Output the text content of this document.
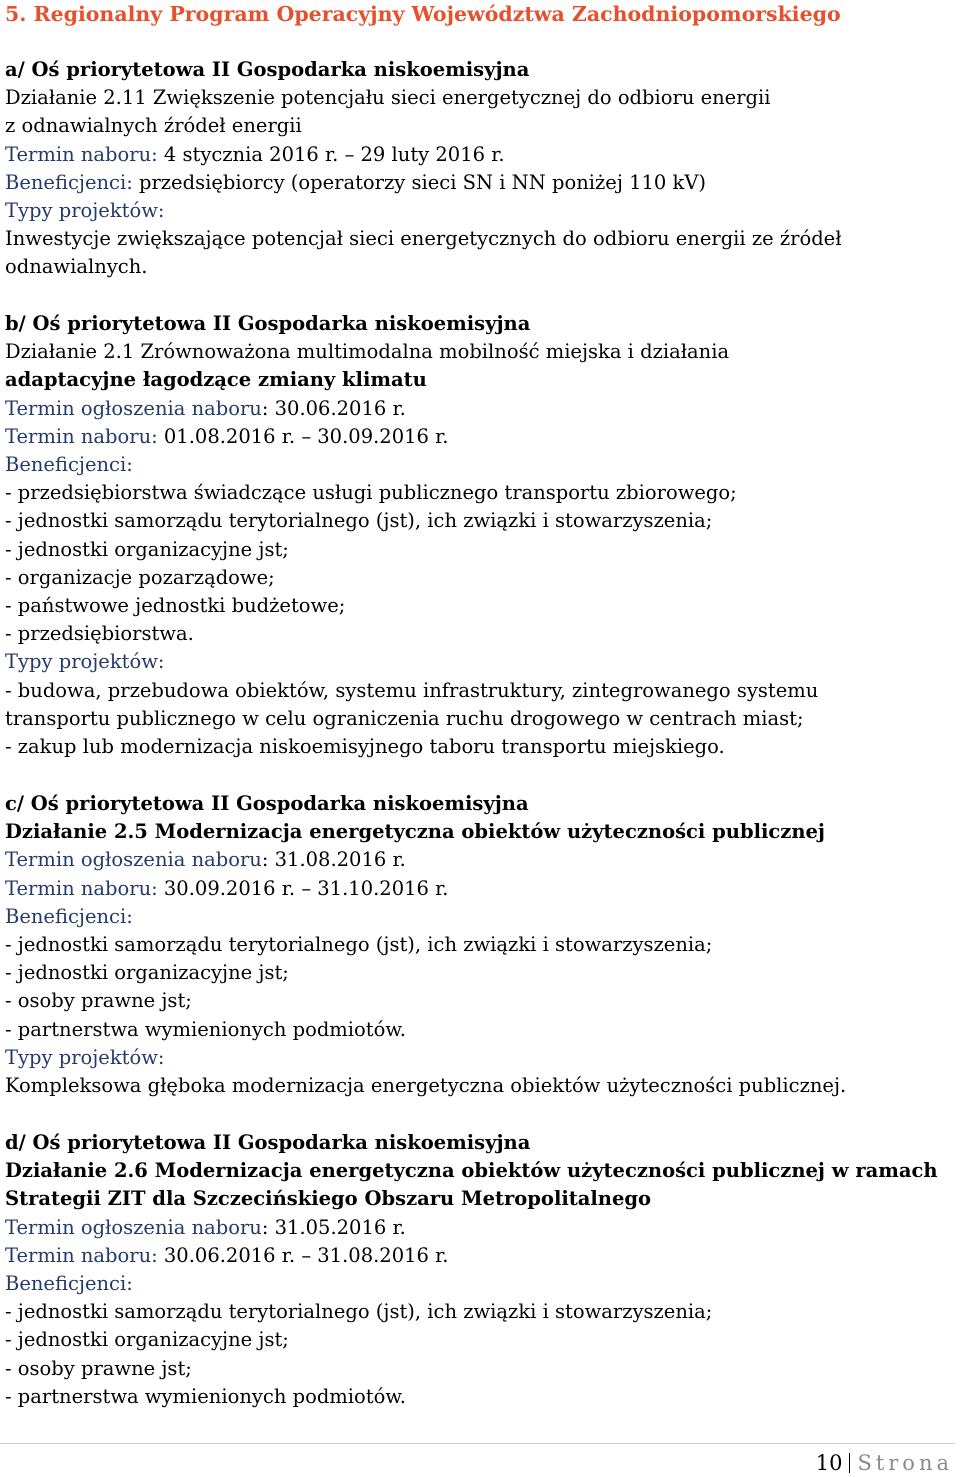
5. Regionalny Program Operacyjny Województwa Zachodniopomorskiego

a/ Oś priorytetowa II Gospodarka niskoemisyjna

Działanie 2.11 Zwiększenie potencjału sieci energetycznej do odbioru energii

z odnawialnych źródeł energii

Termin naboru: 4 stycznia 2016 r. – 29 luty 2016 r.

Beneficjenci: przedsiębiorcy (operatorzy sieci SN i NN poniżej 110 kV)

Typy projektów:

Inwestycje zwiększające potencjał sieci energetycznych do odbioru energii ze źródeł

odnawialnych.

b/ Oś priorytetowa II Gospodarka niskoemisyjna

Działanie 2.1 Zrównoważona multimodalna mobilność miejska i działania

adaptacyjne łagodzące zmiany klimatu

Termin ogłoszenia naboru: 30.06.2016 r.

Termin naboru: 01.08.2016 r. – 30.09.2016 r.

Beneficjenci:

- przedsiębiorstwa świadczące usługi publicznego transportu zbiorowego;

- jednostki samorządu terytorialnego (jst), ich związki i stowarzyszenia;

- jednostki organizacyjne jst;

- organizacje pozarządowe;

- państwowe jednostki budżetowe;

- przedsiębiorstwa.

Typy projektów:

- budowa, przebudowa obiektów, systemu infrastruktury, zintegrowanego systemu

transportu publicznego w celu ograniczenia ruchu drogowego w centrach miast;

- zakup lub modernizacja niskoemisyjnego taboru transportu miejskiego.

c/ Oś priorytetowa II Gospodarka niskoemisyjna

Działanie 2.5 Modernizacja energetyczna obiektów użyteczności publicznej

Termin ogłoszenia naboru: 31.08.2016 r.

Termin naboru: 30.09.2016 r. – 31.10.2016 r.

Beneficjenci:

- jednostki samorządu terytorialnego (jst), ich związki i stowarzyszenia;

- jednostki organizacyjne jst;

- osoby prawne jst;

- partnerstwa wymienionych podmiotów.

Typy projektów:

Kompleksowa głęboka modernizacja energetyczna obiektów użyteczności publicznej.

d/ Oś priorytetowa II Gospodarka niskoemisyjna

Działanie 2.6 Modernizacja energetyczna obiektów użyteczności publicznej w ramach

Strategii ZIT dla Szczecińskiego Obszaru Metropolitalnego

Termin ogłoszenia naboru: 31.05.2016 r.

Termin naboru: 30.06.2016 r. – 31.08.2016 r.

Beneficjenci:

- jednostki samorządu terytorialnego (jst), ich związki i stowarzyszenia;

- jednostki organizacyjne jst;

- osoby prawne jst;

- partnerstwa wymienionych podmiotów.

10 Strona
